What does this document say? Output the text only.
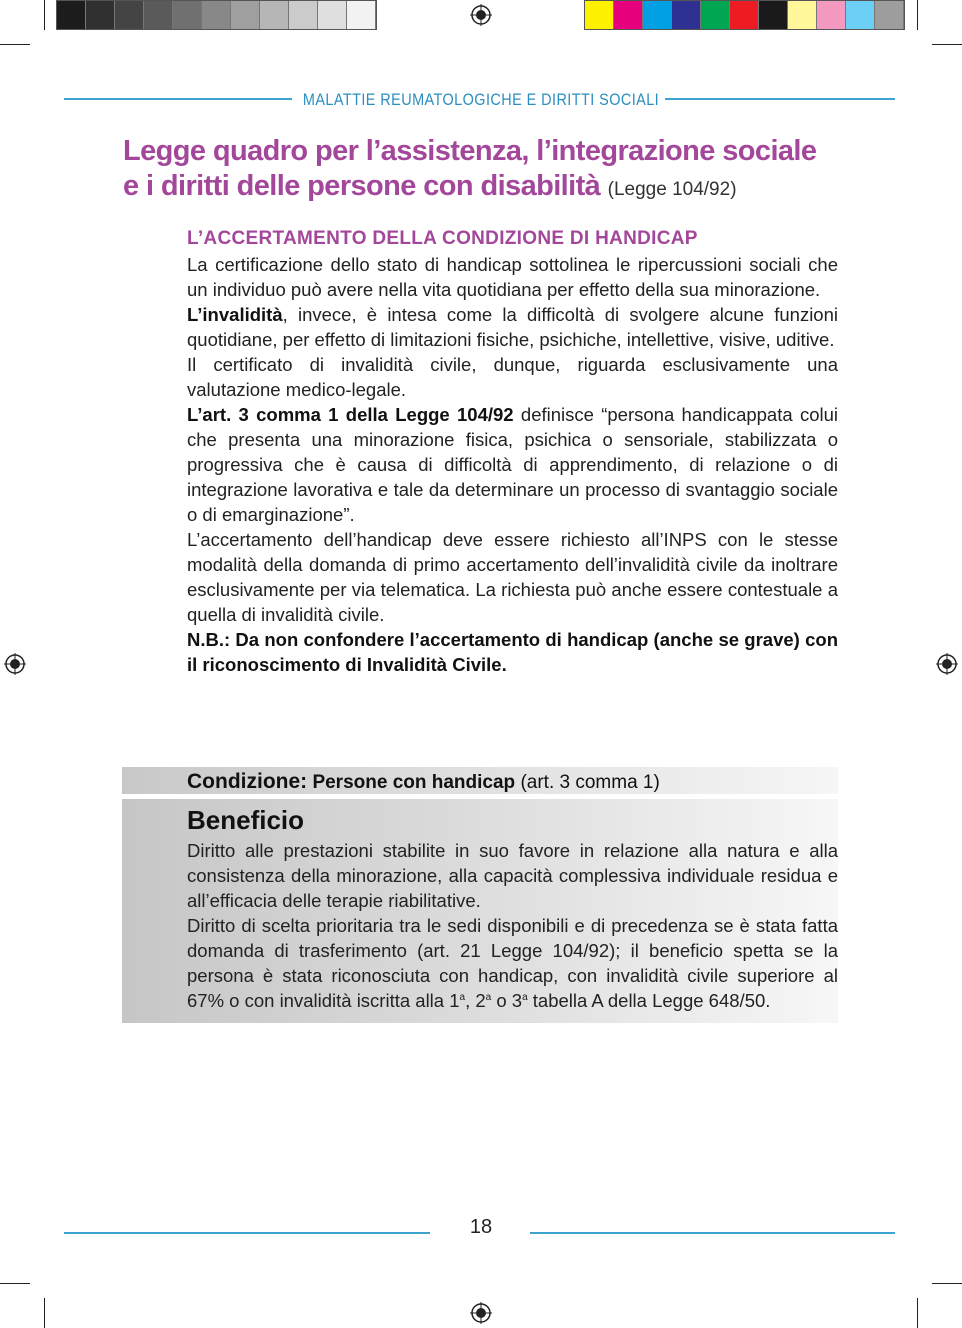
MALATTIE REUMATOLOGICHE E DIRITTI SOCIALI
Legge quadro per l’assistenza, l’integrazione sociale
e i diritti delle persone con disabilità (Legge 104/92)
L’ACCERTAMENTO DELLA CONDIZIONE DI HANDICAP

La certificazione dello stato di handicap sottolinea le ripercussioni sociali che un individuo può avere nella vita quotidiana per effetto della sua minorazione.

L’invalidità, invece, è intesa come la difficoltà di svolgere alcune funzioni quotidiane, per effetto di limitazioni fisiche, psichiche, intellettive, visive, uditive.

Il certificato di invalidità civile, dunque, riguarda esclusivamente una valutazione medico-legale.

L’art. 3 comma 1 della Legge 104/92 definisce “persona handicappata colui che presenta una minorazione fisica, psichica o sensoriale, stabilizzata o progressiva che è causa di difficoltà di apprendimento, di relazione o di integrazione lavorativa e tale da determinare un processo di svantaggio sociale o di emarginazione”.

L’accertamento dell’handicap deve essere richiesto all’INPS con le stesse modalità della domanda di primo accertamento dell’invalidità civile da inoltrare esclusivamente per via telematica. La richiesta può anche essere contestuale a quella di invalidità civile.

N.B.: Da non confondere l’accertamento di handicap (anche se grave) con il riconoscimento di Invalidità Civile.

Condizione: Persone con handicap (art. 3 comma 1)
Beneficio

Diritto alle prestazioni stabilite in suo favore in relazione alla natura e alla consistenza della minorazione, alla capacità complessiva individuale residua e all’efficacia delle terapie riabilitative.

Diritto di scelta prioritaria tra le sedi disponibili e di precedenza se è stata fatta domanda di trasferimento (art. 21 Legge 104/92); il beneficio spetta se la persona è stata riconosciuta con handicap, con invalidità civile superiore al 67% o con invalidità iscritta alla 1$^a$, 2$^a$ o 3$^a$ tabella A della Legge 648/50.

18
